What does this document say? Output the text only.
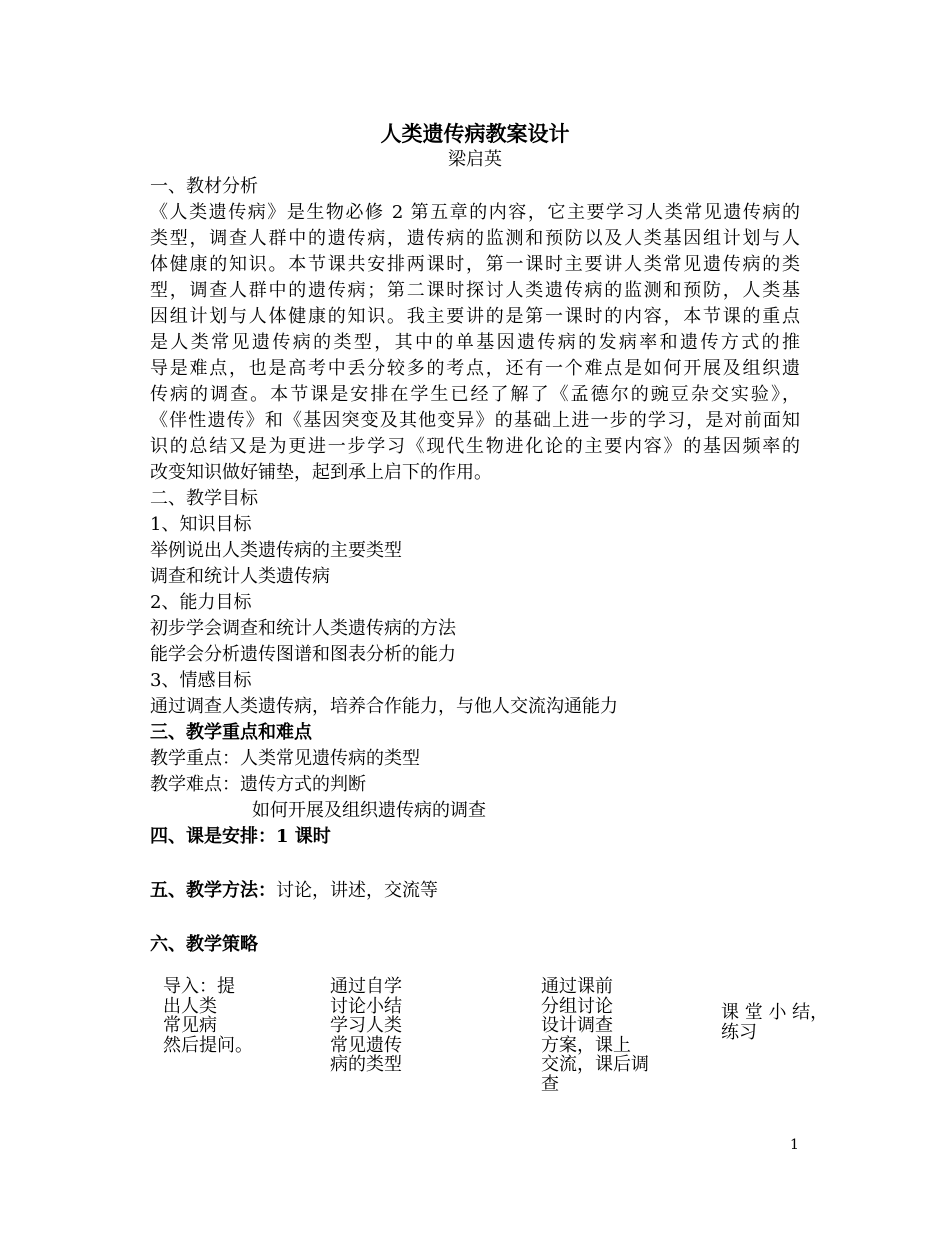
人类遗传病教案设计
梁启英
一、教材分析
《人类遗传病》是生物必修 2 第五章的内容，它主要学习人类常见遗传病的
类型，调查人群中的遗传病，遗传病的监测和预防以及人类基因组计划与人
体健康的知识。本节课共安排两课时，第一课时主要讲人类常见遗传病的类
型，调查人群中的遗传病；第二课时探讨人类遗传病的监测和预防，人类基
因组计划与人体健康的知识。我主要讲的是第一课时的内容，本节课的重点
是人类常见遗传病的类型，其中的单基因遗传病的发病率和遗传方式的推
导是难点，也是高考中丢分较多的考点，还有一个难点是如何开展及组织遗
传病的调查。本节课是安排在学生已经了解了《孟德尔的豌豆杂交实验》，
《伴性遗传》和《基因突变及其他变异》的基础上进一步的学习，是对前面知
识的总结又是为更进一步学习《现代生物进化论的主要内容》的基因频率的
改变知识做好铺垫，起到承上启下的作用。
二、教学目标
1、知识目标
举例说出人类遗传病的主要类型
调查和统计人类遗传病
2、能力目标
初步学会调查和统计人类遗传病的方法
能学会分析遗传图谱和图表分析的能力
3、情感目标
通过调查人类遗传病，培养合作能力，与他人交流沟通能力
三、教学重点和难点
教学重点：人类常见遗传病的类型
教学难点：遗传方式的判断
如何开展及组织遗传病的调查
四、课是安排：1 课时
五、教学方法：讨论，讲述，交流等
六、教学策略
导入：提
出人类
常见病
然后提问。
通过自学
讨论小结
学习人类
常见遗传
病的类型
通过课前
分组讨论
设计调查
方案，课上
交流，课后调
查
课 堂 小 结，
练习
1
